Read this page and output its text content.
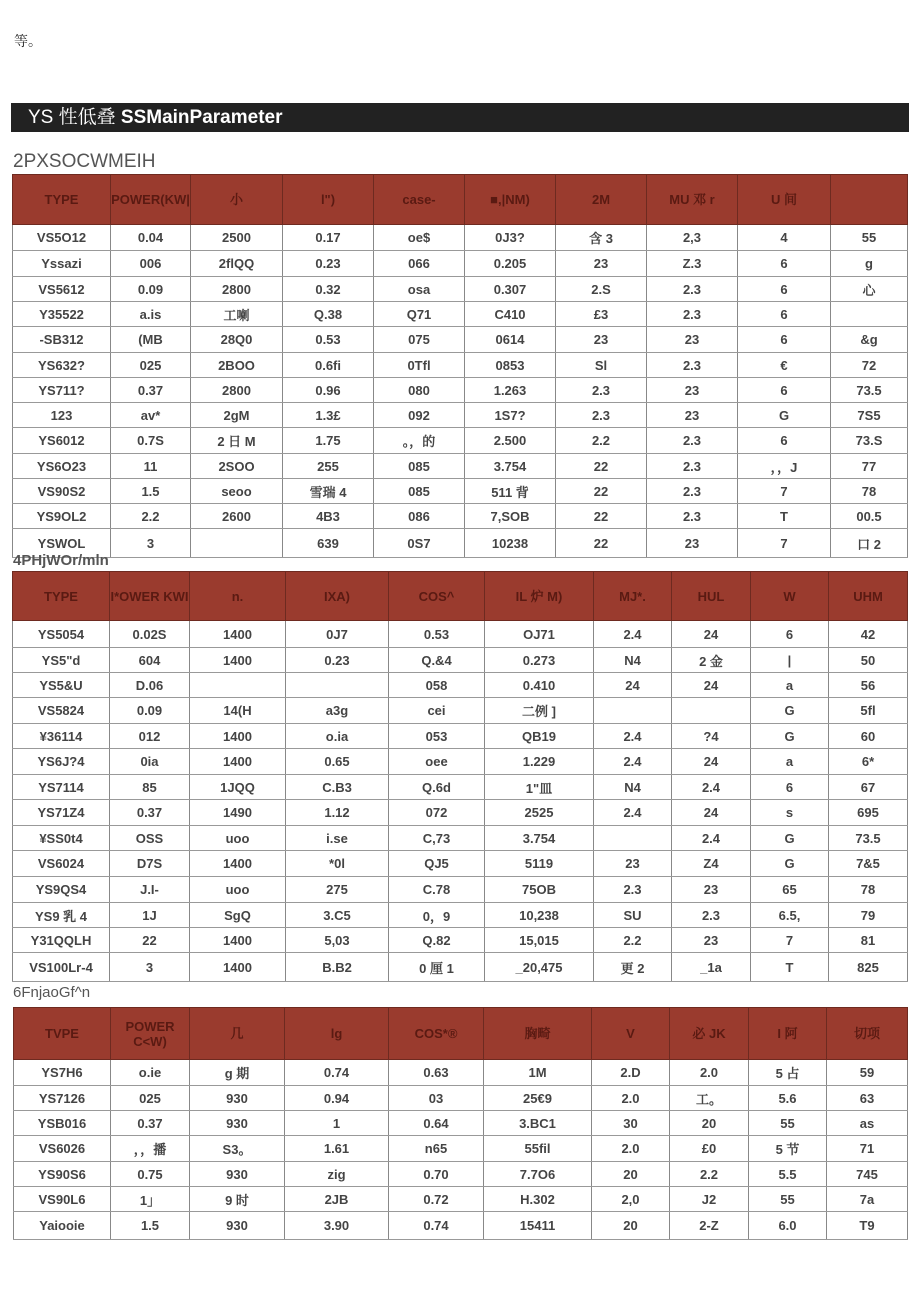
等。
YS 性低叠 SSMainParameter
2PXSOCWMEIH
TYPE	POWER(KW|	小	l")	case-	■,|NM)	2M	MU 邓 r	U 间	
VS5O12	0.04	2500	0.17	oe$	0J3?	含 3	2,3	4	55
Yssazi	006	2flQQ	0.23	066	0.205	23	Z.3	6	g
VS5612	0.09	2800	0.32	osa	0.307	2.S	2.3	6	心
Y35522	a.is	工喇	Q.38	Q71	C410	£3	2.3	6	
-SB312	(MB	28Q0	0.53	075	0614	23	23	6	&g
YS632?	025	2BOO	0.6fi	0Tfl	0853	Sl	2.3	€	72
YS711?	0.37	2800	0.96	080	1.263	2.3	23	6	73.5
123	av*	2gM	1.3£	092	1S7?	2.3	23	G	7S5
YS6012	0.7S	2 日 M	1.75	。，的	2.500	2.2	2.3	6	73.S
YS6O23	11	2SOO	255	085	3.754	22	2.3	，，J	77
VS90S2	1.5	seoo	雪瑞 4	085	511 背	22	2.3	7	78
YS9OL2	2.2	2600	4B3	086	7,SOB	22	2.3	T	00.5
YSWOL	3		639	0S7	10238	22	23	7	口 2
4PHjWOr/mln
TYPE	I*OWER KWI	n.	IXA)	COS^	IL 炉 M)	MJ*.	HUL	W	UHM
YS5054	0.02S	1400	0J7	0.53	OJ71	2.4	24	6	42
YS5"d	604	1400	0.23	Q.&4	0.273	N4	2 金	|	50
YS5&U	D.06			058	0.410	24	24	a	56
VS5824	0.09	14(H	a3g	cei	二例 ]			G	5fl
¥36114	012	1400	o.ia	053	QB19	2.4	?4	G	60
YS6J?4	0ia	1400	0.65	oee	1.229	2.4	24	a	6*
YS7114	85	1JQQ	C.B3	Q.6d	1"皿	N4	2.4	6	67
YS71Z4	0.37	1490	1.12	072	2525	2.4	24	s	695
¥SS0t4	OSS	uoo	i.se	C,73	3.754		2.4	G	73.5
VS6024	D7S	1400	*0l	QJ5	5119	23	Z4	G	7&5
YS9QS4	J.I-	uoo	275	C.78	75OB	2.3	23	65	78
YS9 乳 4	1J	SgQ	3.C5	0，9	10,238	SU	2.3	6.5,	79
Y31QQLH	22	1400	5,03	Q.82	15,015	2.2	23	7	81
VS100Lr-4	3	1400	B.B2	0 厘 1	_20,475	更 2	_1a	T	825
6FnjaoGf^n
TVPE	POWER C<W)	几	lg	COS*®	胸畸	V	必 JK	I 阿	切项
YS7H6	o.ie	g 期	0.74	0.63	1M	2.D	2.0	5 占	59
YS7126	025	930	0.94	03	25€9	2.0	工。	5.6	63
YSB016	0.37	930	1	0.64	3.BC1	30	20	55	as
VS6026	，，播	S3。	1.61	n65	55fil	2.0	£0	5 节	71
YS90S6	0.75	930	zig	0.70	7.7O6	20	2.2	5.5	745
VS90L6	1」	9 时	2JB	0.72	H.302	2,0	J2	55	7a
Yaiooie	1.5	930	3.90	0.74	15411	20	2-Z	6.0	T9
